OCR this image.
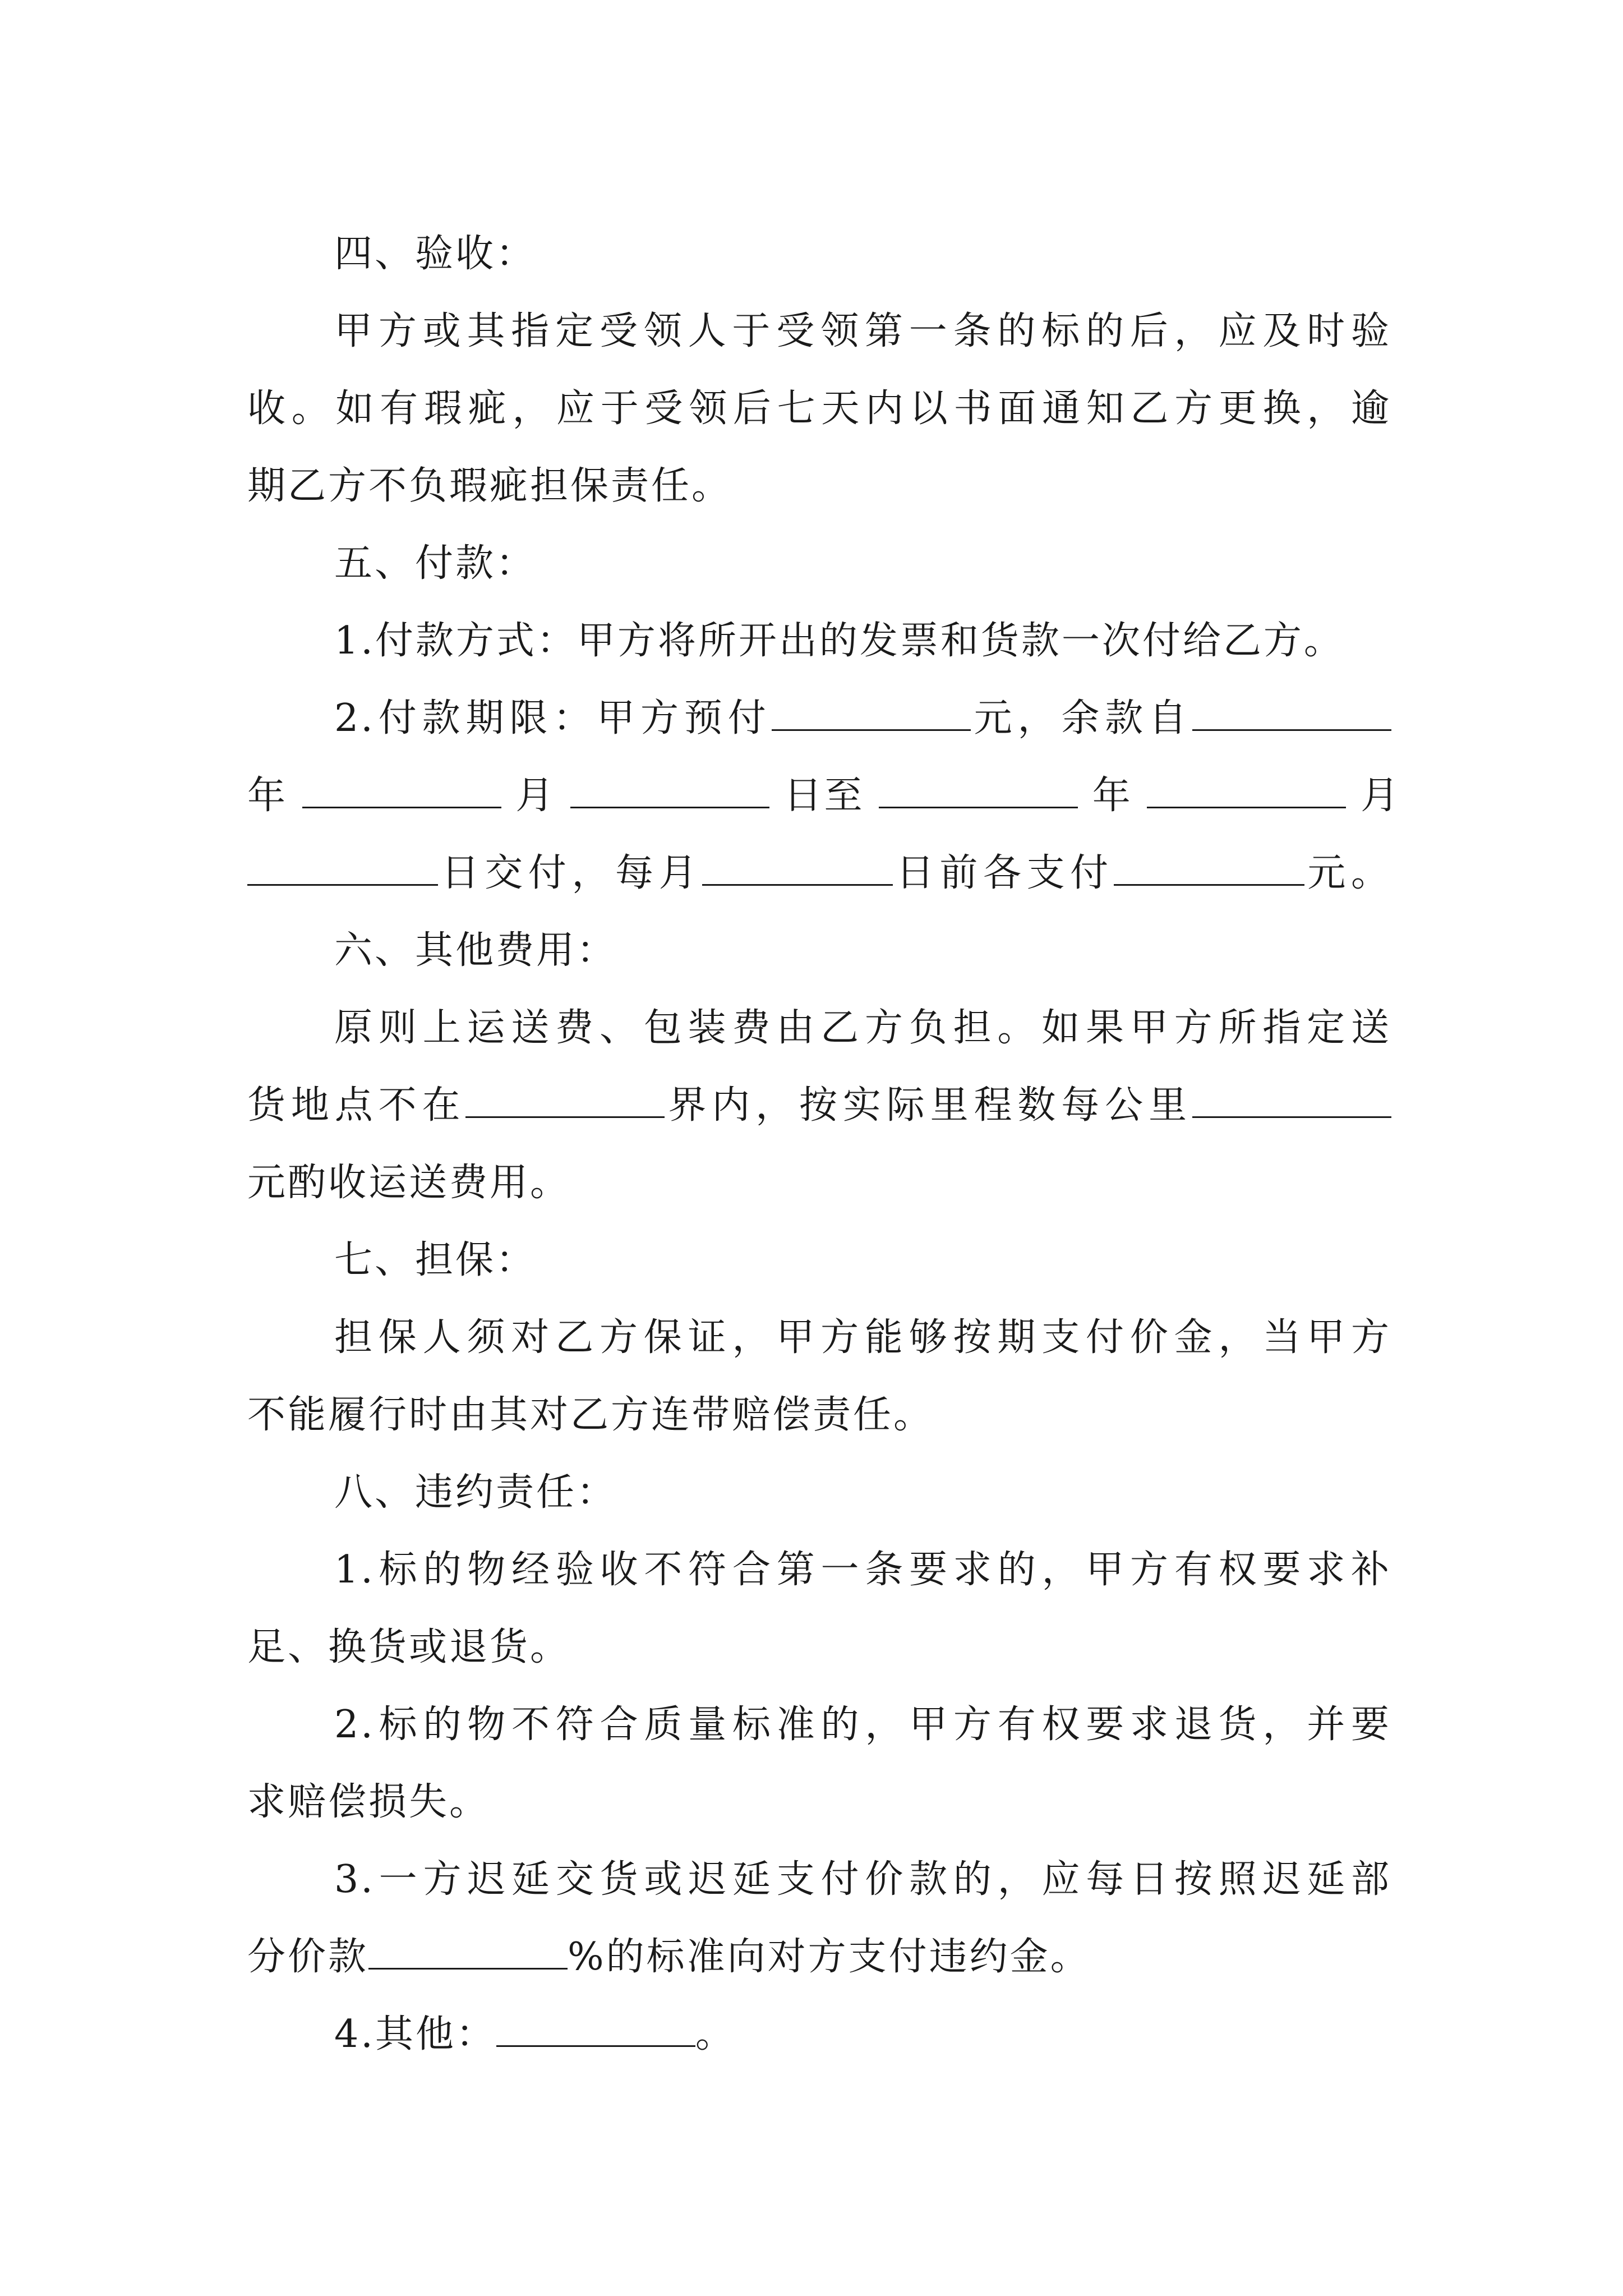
四、验收：
甲方或其指定受领人于受领第一条的标的后，应及时验
收。如有瑕疵，应于受领后七天内以书面通知乙方更换，逾
期乙方不负瑕疵担保责任。
五、付款：
1.付款方式：甲方将所开出的发票和货款一次付给乙方。
2.付款期限：甲方预付	元，余款自
年	月	日至	年	月
日交付，每月	日前各支付	元。
六、其他费用：
原则上运送费、包装费由乙方负担。如果甲方所指定送
货地点不在	界内，按实际里程数每公里
元酌收运送费用。
七、担保：
担保人须对乙方保证，甲方能够按期支付价金，当甲方
不能履行时由其对乙方连带赔偿责任。
八、违约责任：
1.标的物经验收不符合第一条要求的，甲方有权要求补
足、换货或退货。
2.标的物不符合质量标准的，甲方有权要求退货，并要
求赔偿损失。
3.一方迟延交货或迟延支付价款的，应每日按照迟延部
分价款	%的标准向对方支付违约金。
4.其他：	。
